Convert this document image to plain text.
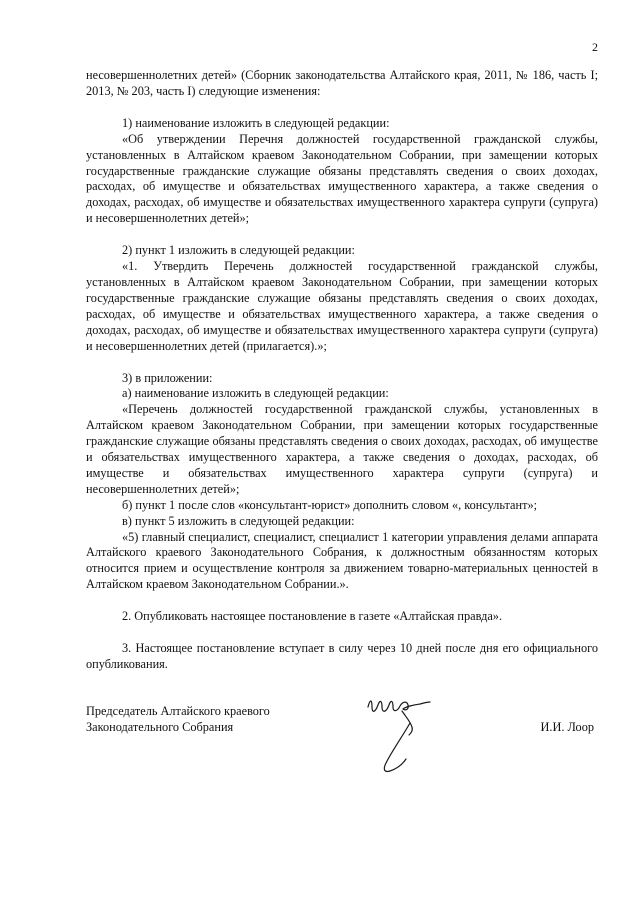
2

несовершеннолетних детей» (Сборник законодательства Алтайского края, 2011, № 186, часть I; 2013, № 203, часть I) следующие изменения:

1) наименование изложить в следующей редакции:

«Об утверждении Перечня должностей государственной гражданской службы, установленных в Алтайском краевом Законодательном Собрании, при замещении которых государственные гражданские служащие обязаны представлять сведения о своих доходах, расходах, об имуществе и обязательствах имущественного характера, а также сведения о доходах, расходах, об имуществе и обязательствах имущественного характера супруги (супруга) и несовершеннолетних детей»;

2) пункт 1 изложить в следующей редакции:

«1. Утвердить Перечень должностей государственной гражданской службы, установленных в Алтайском краевом Законодательном Собрании, при замещении которых государственные гражданские служащие обязаны представлять сведения о своих доходах, расходах, об имуществе и обязательствах имущественного характера, а также сведения о доходах, расходах, об имуществе и обязательствах имущественного характера супруги (супруга) и несовершеннолетних детей (прилагается).»;

3) в приложении:

а) наименование изложить в следующей редакции:

«Перечень должностей государственной гражданской службы, установленных в Алтайском краевом Законодательном Собрании, при замещении которых государственные гражданские служащие обязаны представлять сведения о своих доходах, расходах, об имуществе и обязательствах имущественного характера, а также сведения о доходах, расходах, об имуществе и обязательствах имущественного характера супруги (супруга) и несовершеннолетних детей»;

б) пункт 1 после слов «консультант-юрист» дополнить словом «, консультант»;

в) пункт 5 изложить в следующей редакции:

«5) главный специалист, специалист, специалист 1 категории управления делами аппарата Алтайского краевого Законодательного Собрания, к должностным обязанностям которых относится прием и осуществление контроля за движением товарно-материальных ценностей в Алтайском краевом Законодательном Собрании.».

2. Опубликовать настоящее постановление в газете «Алтайская правда».

3. Настоящее постановление вступает в силу через 10 дней после дня его официального опубликования.

Председатель Алтайского краевого
Законодательного Собрания	И.И. Лоор
